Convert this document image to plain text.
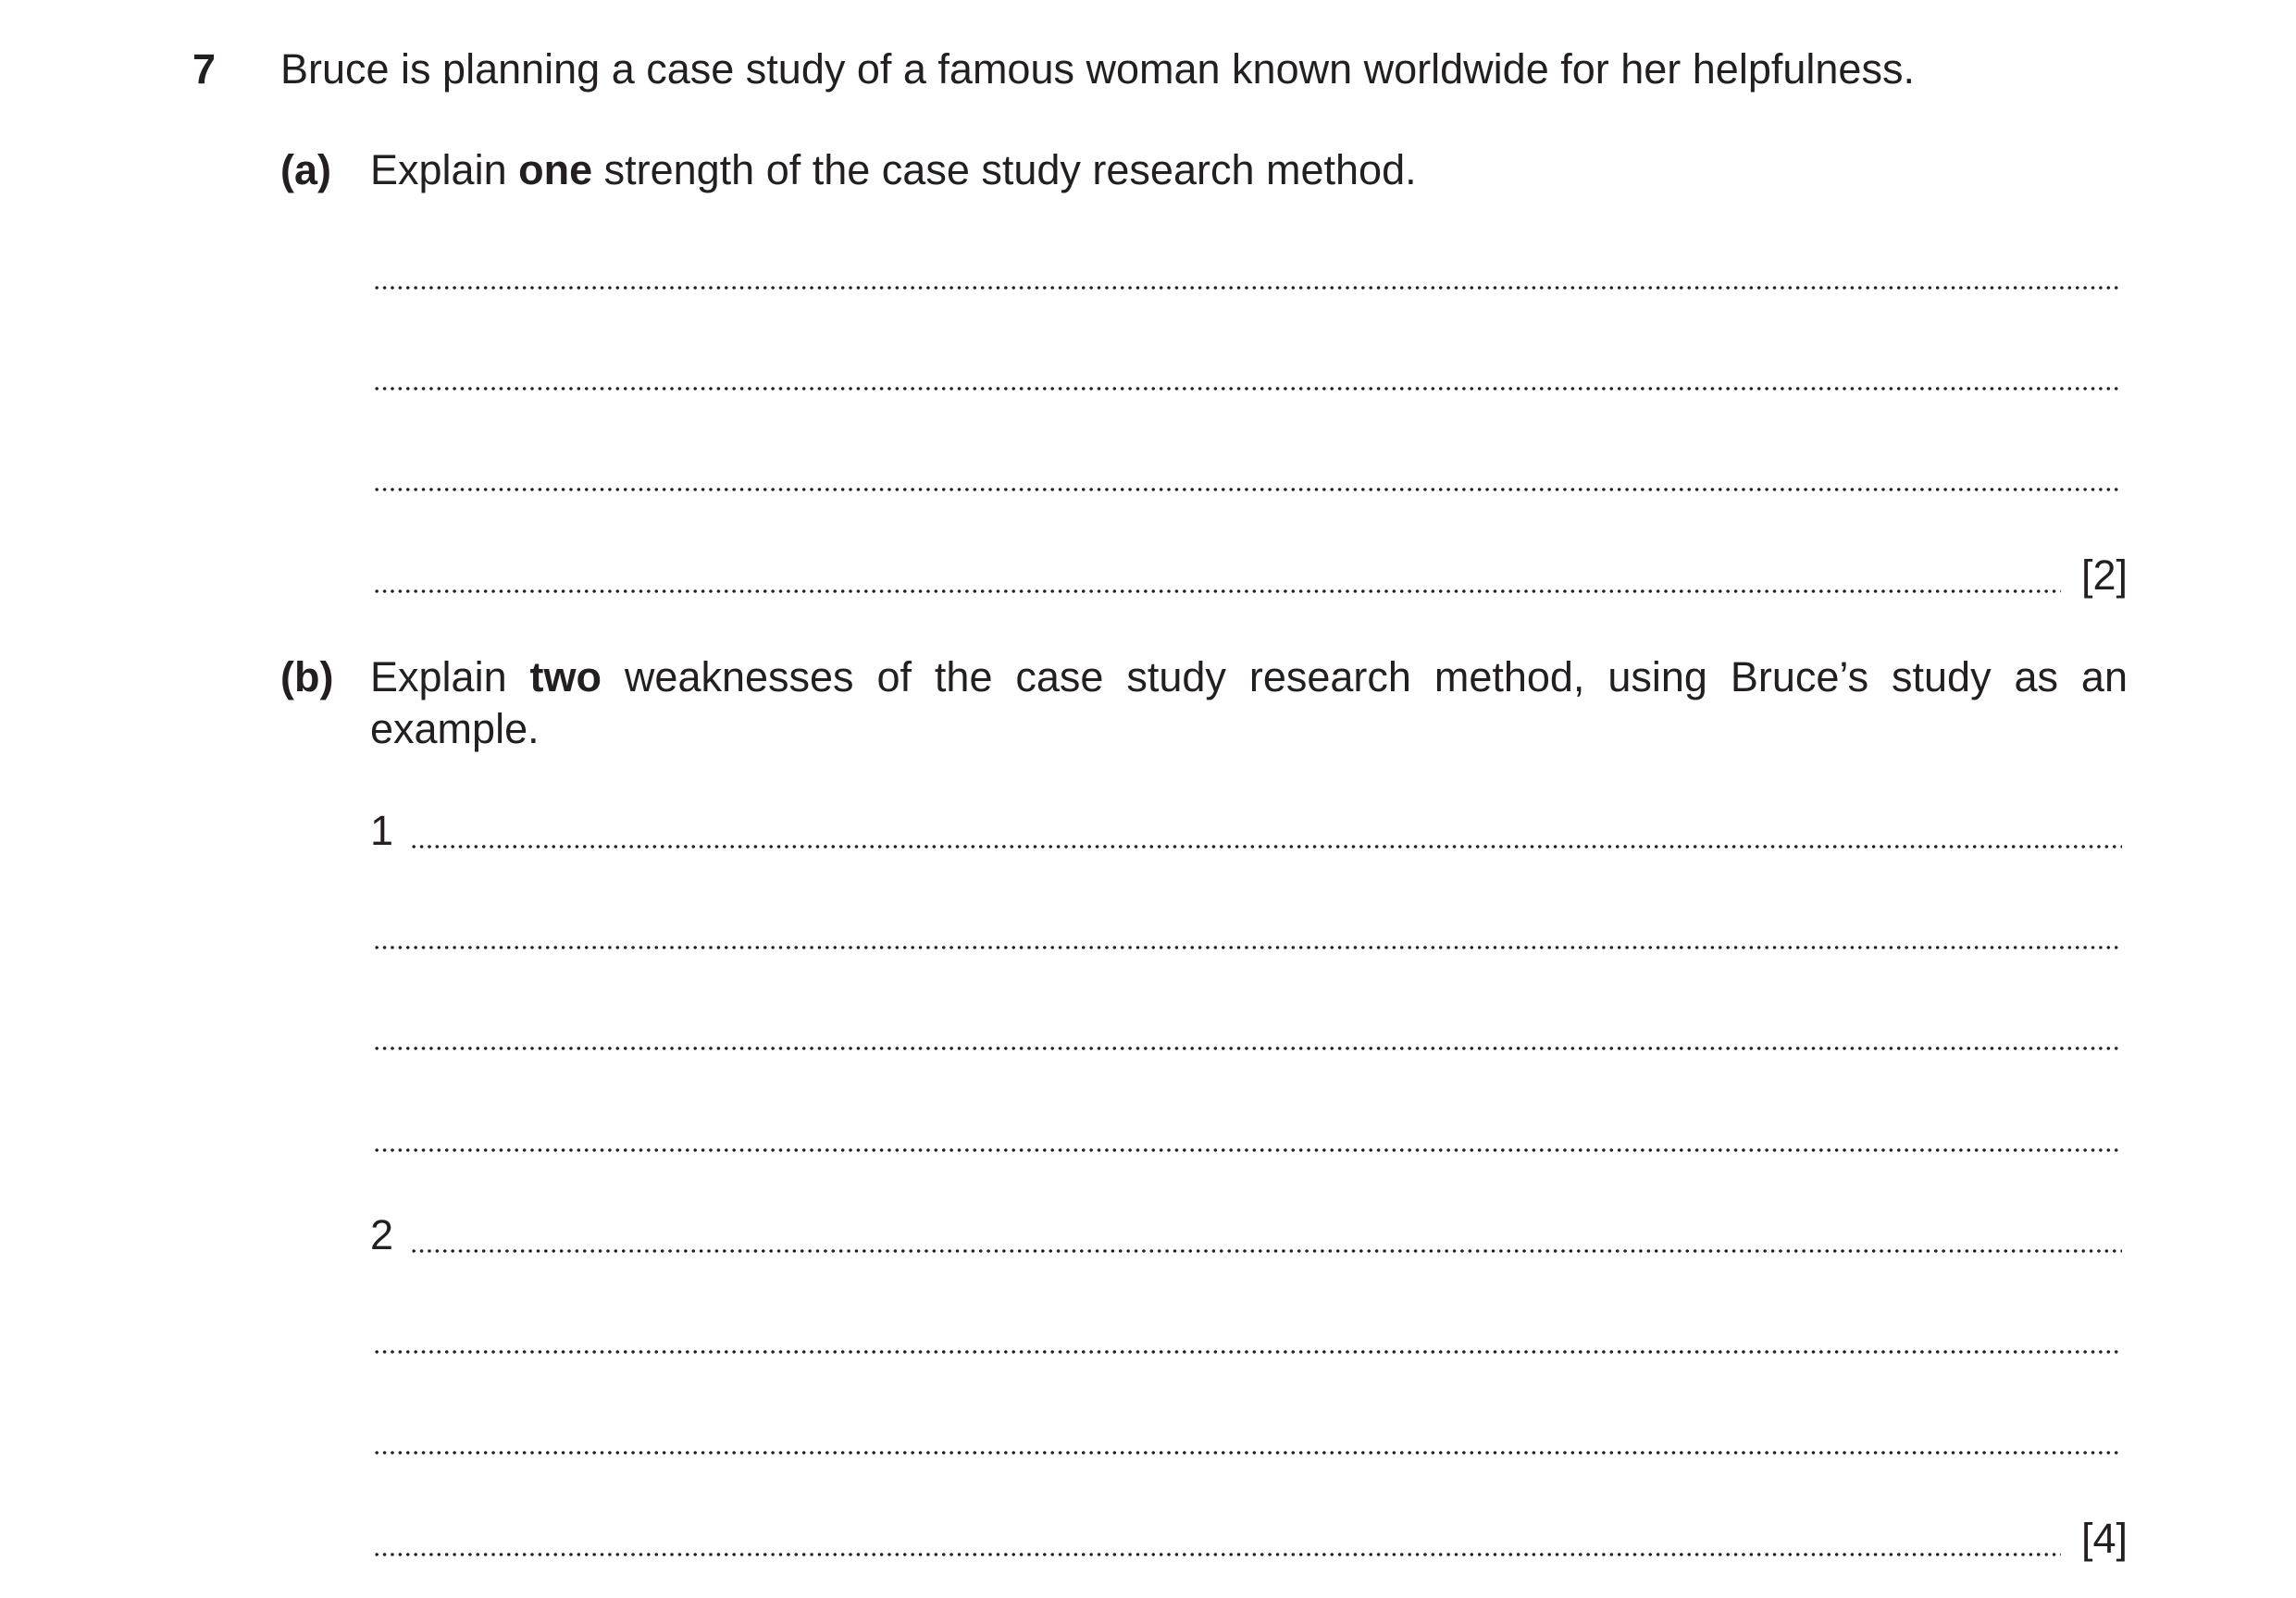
7 Bruce is planning a case study of a famous woman known worldwide for her helpfulness.
(a) Explain one strength of the case study research method.
[2]
(b) Explain two weaknesses of the case study research method, using Bruce’s study as an
example.
1
2
[4]
